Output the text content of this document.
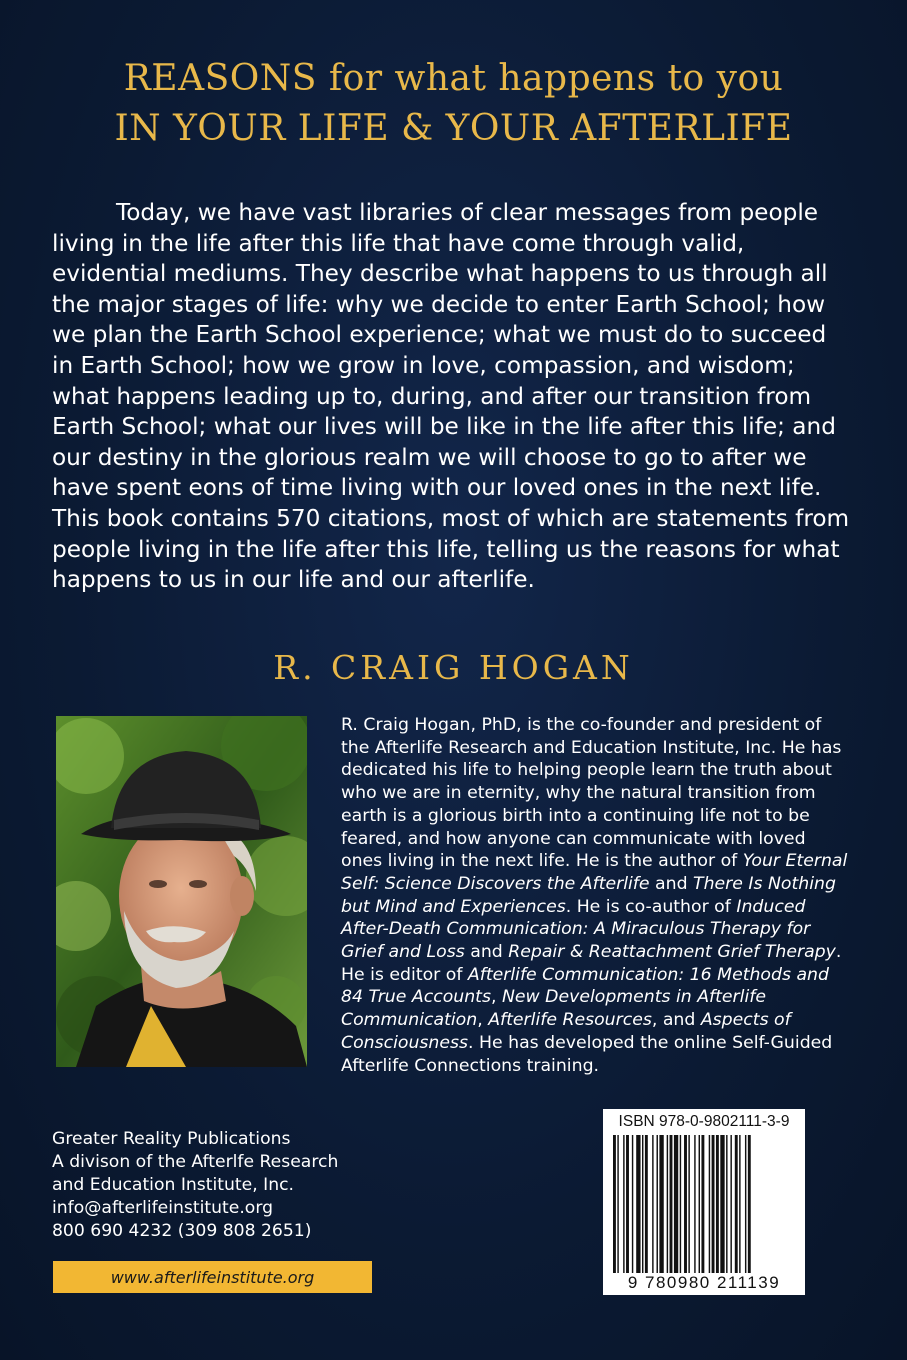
REASONS for what happens to you
IN YOUR LIFE & YOUR AFTERLIFE

Today, we have vast libraries of clear messages from people living in the life after this life that have come through valid, evidential mediums. They describe what happens to us through all the major stages of life: why we decide to enter Earth School; how we plan the Earth School experience; what we must do to succeed in Earth School; how we grow in love, compassion, and wisdom; what happens leading up to, during, and after our transition from Earth School; what our lives will be like in the life after this life; and our destiny in the glorious realm we will choose to go to after we have spent eons of time living with our loved ones in the next life. This book contains 570 citations, most of which are statements from people living in the life after this life, telling us the reasons for what happens to us in our life and our afterlife.

R. CRAIG HOGAN

R. Craig Hogan, PhD, is the co-founder and president of the Afterlife Research and Education Institute, Inc. He has dedicated his life to helping people learn the truth about who we are in eternity, why the natural transition from earth is a glorious birth into a continuing life not to be feared, and how anyone can communicate with loved ones living in the next life. He is the author of Your Eternal Self: Science Discovers the Afterlife and There Is Nothing but Mind and Experiences. He is co-author of Induced After-Death Communication: A Miraculous Therapy for Grief and Loss and Repair & Reattachment Grief Therapy. He is editor of Afterlife Communication: 16 Methods and 84 True Accounts, New Developments in Afterlife Communication, Afterlife Resources, and Aspects of Consciousness. He has developed the online Self-Guided Afterlife Connections training.

Greater Reality Publications
A divison of the Afterlfe Research
and Education Institute, Inc.
info@afterlifeinstitute.org
800 690 4232 (309 808 2651)
www.afterlifeinstitute.org
ISBN 978-0-9802111-3-9
9 780980 211139
